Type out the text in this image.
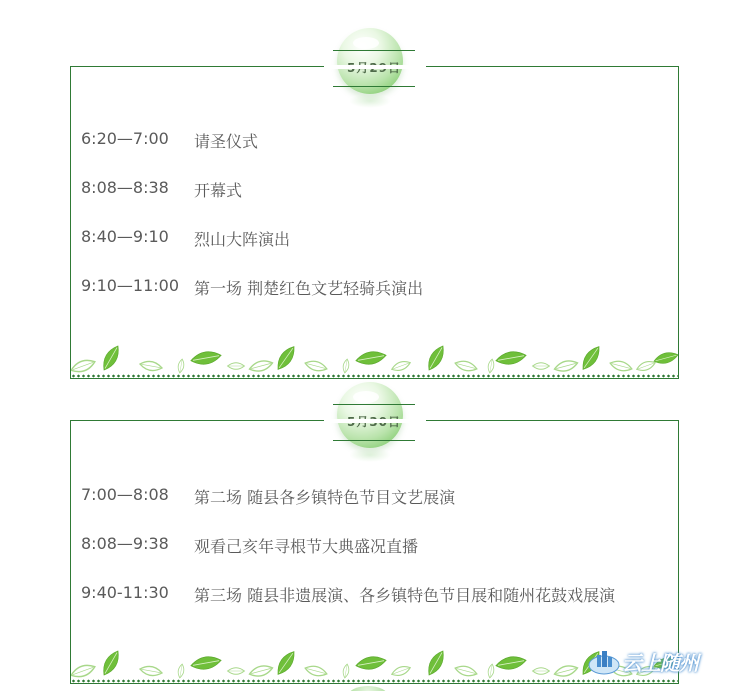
6:20—7:00 请圣仪式
8:08—8:38 开幕式
8:40—9:10 烈山大阵演出
9:10—11:00 第一场 荆楚红色文艺轻骑兵演出
7:00—8:08 第二场 随县各乡镇特色节目文艺展演
8:08—9:38 观看己亥年寻根节大典盛况直播
9:40-11:30 第三场 随县非遗展演、各乡镇特色节目展和随州花鼓戏展演
云上随州
